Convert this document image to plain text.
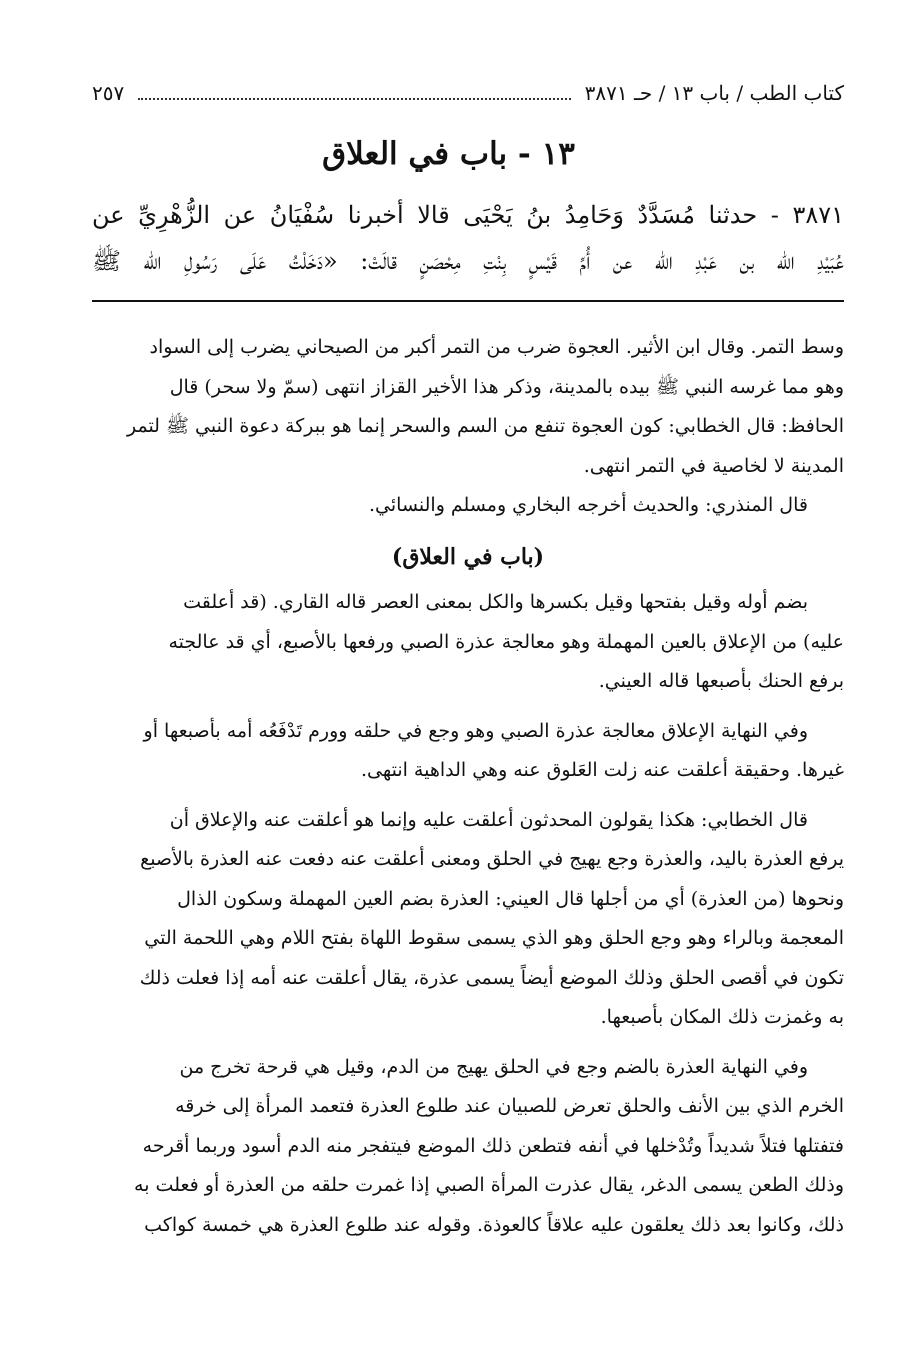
كتاب الطب / باب ١٣ / حـ ٣٨٧١
٢٥٧
١٣ - باب في العلاق

٣٨٧١ - حدثنا مُسَدَّدٌ وَحَامِدُ بنُ يَحْيَى قالا أخبرنا سُفْيَانُ عن الزُّهْرِيِّ عن

عُبَيْدِ الله بن عَبْدِ الله عن أُمِّ قَيْسٍ بِنْتِ مِحْصَنٍ قالَتْ: «دَخَلْتُ عَلَى رَسُولِ الله ﷺ

وسط التمر. وقال ابن الأثير. العجوة ضرب من التمر أكبر من الصيحاني يضرب إلى السواد

وهو مما غرسه النبي ﷺ بيده بالمدينة، وذكر هذا الأخير القزاز انتهى (سمّ ولا سحر) قال

الحافظ: قال الخطابي: كون العجوة تنفع من السم والسحر إنما هو ببركة دعوة النبي ﷺ لتمر

المدينة لا لخاصية في التمر انتهى.

قال المنذري: والحديث أخرجه البخاري ومسلم والنسائي.

(باب في العلاق)

بضم أوله وقيل بفتحها وقيل بكسرها والكل بمعنى العصر قاله القاري. (قد أعلقت

عليه) من الإعلاق بالعين المهملة وهو معالجة عذرة الصبي ورفعها بالأصبع، أي قد عالجته

برفع الحنك بأصبعها قاله العيني.

وفي النهاية الإعلاق معالجة عذرة الصبي وهو وجع في حلقه وورم تَدْفَعُه أمه بأصبعها أو

غيرها. وحقيقة أعلقت عنه زلت العَلوق عنه وهي الداهية انتهى.

قال الخطابي: هكذا يقولون المحدثون أعلقت عليه وإنما هو أعلقت عنه والإعلاق أن

يرفع العذرة باليد، والعذرة وجع يهيج في الحلق ومعنى أعلقت عنه دفعت عنه العذرة بالأصبع

ونحوها (من العذرة) أي من أجلها قال العيني: العذرة بضم العين المهملة وسكون الذال

المعجمة وبالراء وهو وجع الحلق وهو الذي يسمى سقوط اللهاة بفتح اللام وهي اللحمة التي

تكون في أقصى الحلق وذلك الموضع أيضاً يسمى عذرة، يقال أعلقت عنه أمه إذا فعلت ذلك

به وغمزت ذلك المكان بأصبعها.

وفي النهاية العذرة بالضم وجع في الحلق يهيج من الدم، وقيل هي قرحة تخرج من

الخرم الذي بين الأنف والحلق تعرض للصبيان عند طلوع العذرة فتعمد المرأة إلى خرقه

فتفتلها فتلاً شديداً وتُدْخلها في أنفه فتطعن ذلك الموضع فيتفجر منه الدم أسود وربما أقرحه

وذلك الطعن يسمى الدغر، يقال عذرت المرأة الصبي إذا غمرت حلقه من العذرة أو فعلت به

ذلك، وكانوا بعد ذلك يعلقون عليه علاقاً كالعوذة. وقوله عند طلوع العذرة هي خمسة كواكب
